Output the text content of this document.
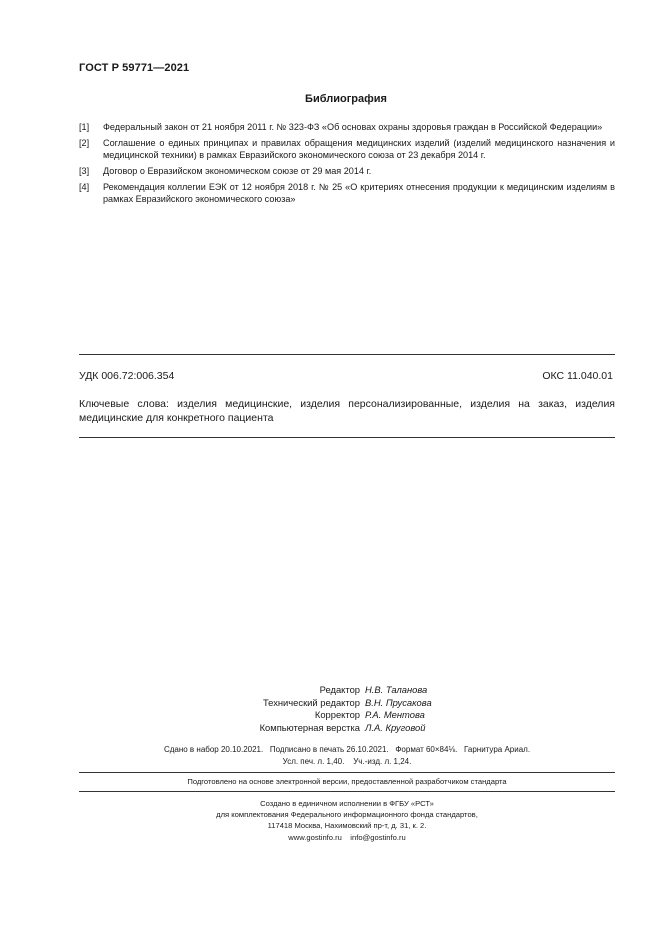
ГОСТ Р 59771—2021
Библиография
[1]	Федеральный закон от 21 ноября 2011 г. № 323-ФЗ «Об основах охраны здоровья граждан в Российской Федерации»
[2]	Соглашение о единых принципах и правилах обращения медицинских изделий (изделий медицинского назначения и медицинской техники) в рамках Евразийского экономического союза от 23 декабря 2014 г.
[3]	Договор о Евразийском экономическом союзе от 29 мая 2014 г.
[4]	Рекомендация коллегии ЕЭК от 12 ноября 2018 г. № 25 «О критериях отнесения продукции к медицинским изделиям в рамках Евразийского экономического союза»
УДК 006.72:006.354	ОКС 11.040.01
Ключевые слова: изделия медицинские, изделия персонализированные, изделия на заказ, изделия медицинские для конкретного пациента
Редактор Н.В. Таланова
Технический редактор В.Н. Прусакова
Корректор Р.А. Ментова
Компьютерная верстка Л.А. Круговой
Сдано в набор 20.10.2021.   Подписано в печать 26.10.2021.   Формат 60×84⅛.   Гарнитура Ариал.
Усл. печ. л. 1,40.    Уч.-изд. л. 1,24.
Подготовлено на основе электронной версии, предоставленной разработчиком стандарта
Создано в единичном исполнении в ФГБУ «РСТ»
для комплектования Федерального информационного фонда стандартов,
117418 Москва, Нахимовский пр-т, д. 31, к. 2.
www.gostinfo.ru    info@gostinfo.ru
